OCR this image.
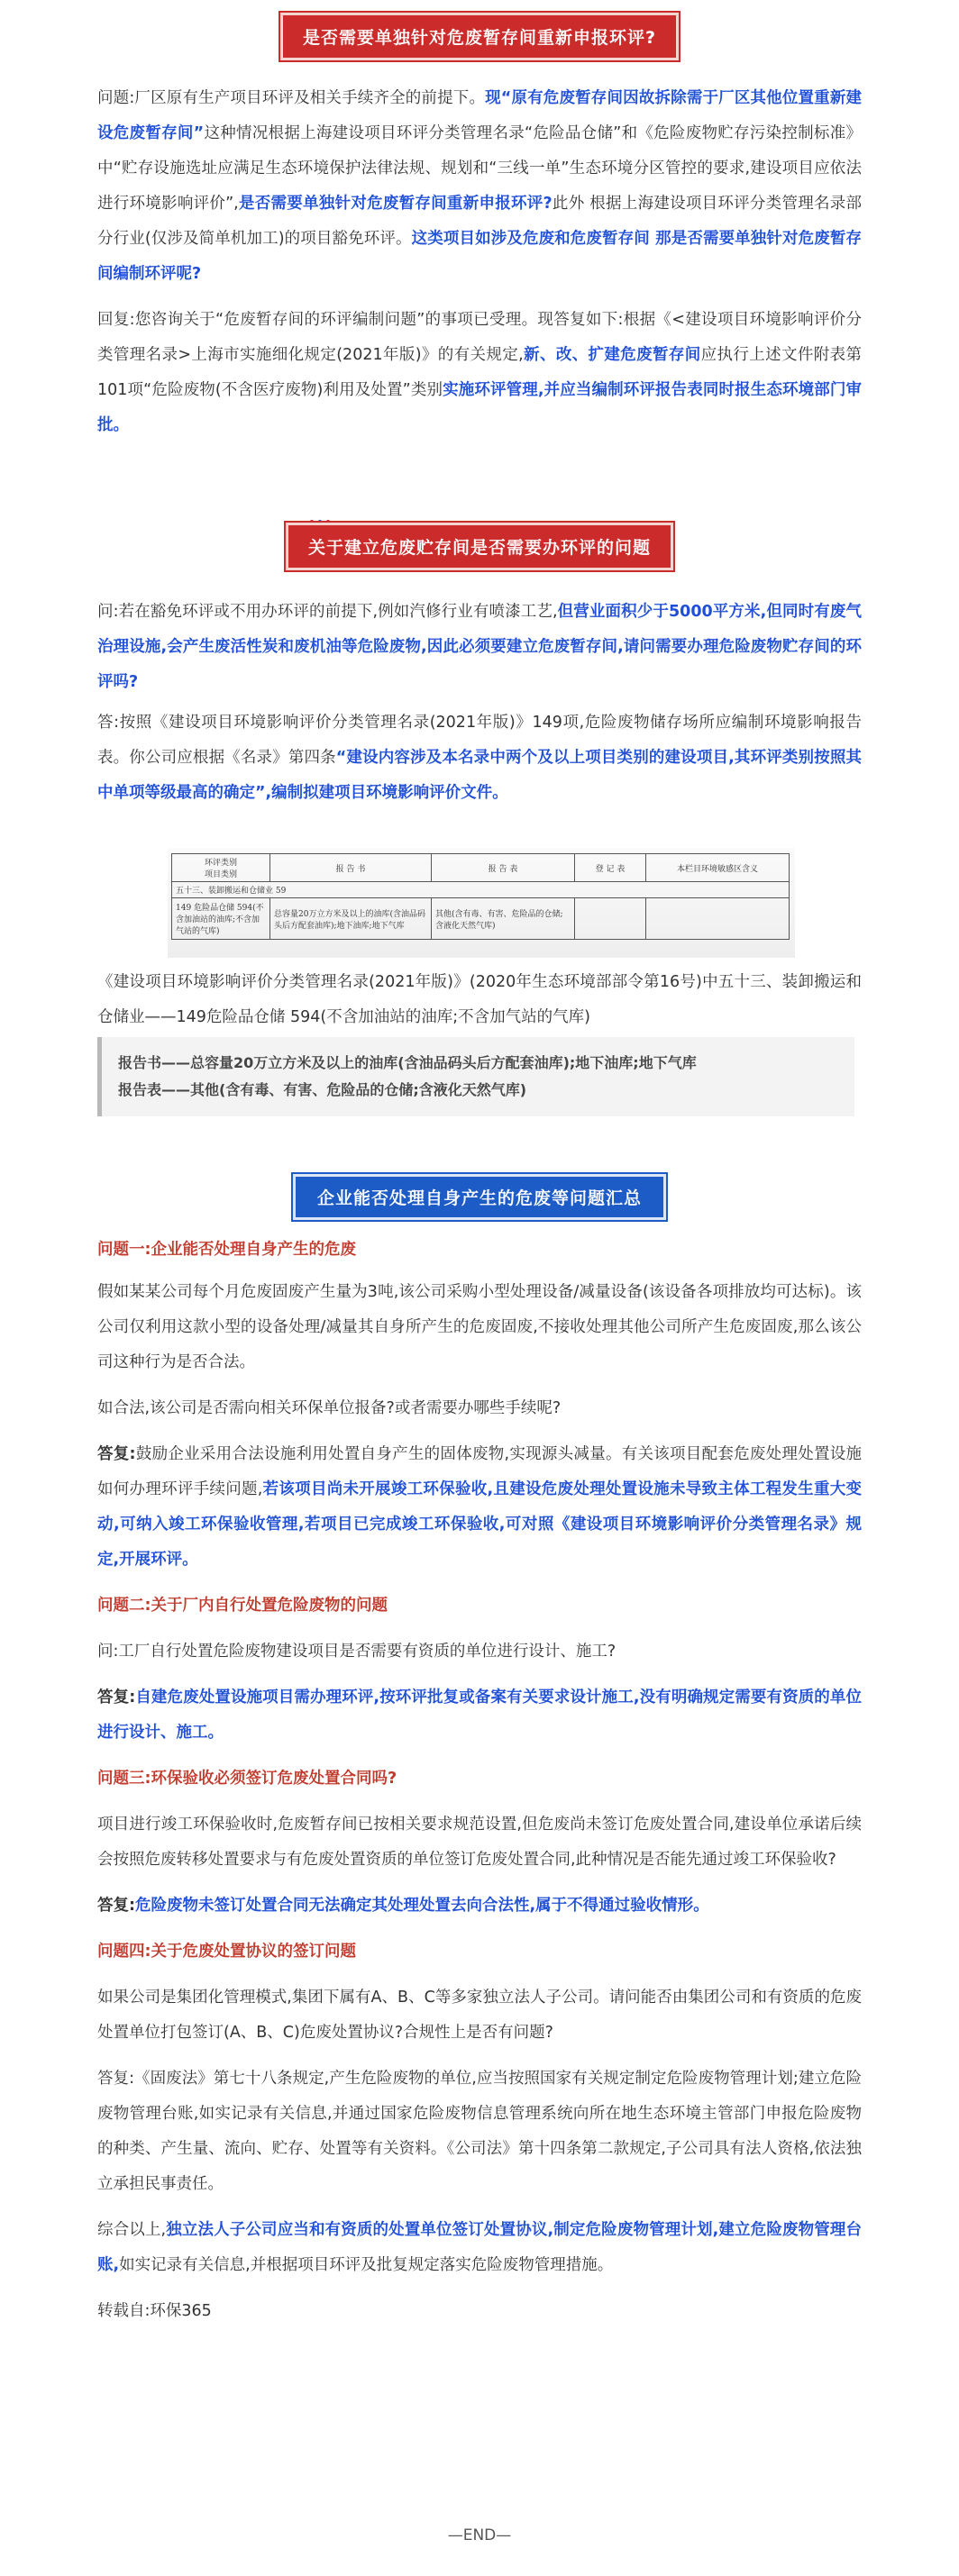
是否需要单独针对危废暂存间重新申报环评?

问题:厂区原有生产项目环评及相关手续齐全的前提下。现“原有危废暂存间因故拆除需于厂区其他位置重新建设危废暂存间”这种情况根据上海建设项目环评分类管理名录“危险品仓储”和《危险废物贮存污染控制标准》中“贮存设施选址应满足生态环境保护法律法规、规划和“三线一单”生态环境分区管控的要求,建设项目应依法进行环境影响评价”,是否需要单独针对危废暂存间重新申报环评?此外 根据上海建设项目环评分类管理名录部分行业(仅涉及简单机加工)的项目豁免环评。这类项目如涉及危废和危废暂存间 那是否需要单独针对危废暂存间编制环评呢?

回复:您咨询关于“危废暂存间的环评编制问题”的事项已受理。现答复如下:根据《<建设项目环境影响评价分类管理名录>上海市实施细化规定(2021年版)》的有关规定,新、改、扩建危废暂存间应执行上述文件附表第101项“危险废物(不含医疗废物)利用及处置”类别实施环评管理,并应当编制环评报告表同时报生态环境部门审批。

关于建立危废贮存间是否需要办环评的问题

问:若在豁免环评或不用办环评的前提下,例如汽修行业有喷漆工艺,但营业面积少于5000平方米,但同时有废气治理设施,会产生废活性炭和废机油等危险废物,因此必须要建立危废暂存间,请问需要办理危险废物贮存间的环评吗?

答:按照《建设项目环境影响评价分类管理名录(2021年版)》149项,危险废物储存场所应编制环境影响报告表。你公司应根据《名录》第四条“建设内容涉及本名录中两个及以上项目类别的建设项目,其环评类别按照其中单项等级最高的确定”,编制拟建项目环境影响评价文件。

环评类别
项目类别	报 告 书	报 告 表	登 记 表	本栏目环境敏感区含义
五十三、装卸搬运和仓储业 59				
149 危险品仓储 594(不含加油站的油库;不含加气站的气库)	总容量20万立方米及以上的油库(含油品码头后方配套油库);地下油库;地下气库	其他(含有毒、有害、危险品的仓储;含液化天然气库)		

《建设项目环境影响评价分类管理名录(2021年版)》(2020年生态环境部部令第16号)中五十三、装卸搬运和仓储业——149危险品仓储 594(不含加油站的油库;不含加气站的气库)

报告书——总容量20万立方米及以上的油库(含油品码头后方配套油库);地下油库;地下气库
报告表——其他(含有毒、有害、危险品的仓储;含液化天然气库)
企业能否处理自身产生的危废等问题汇总

问题一:企业能否处理自身产生的危废

假如某某公司每个月危废固废产生量为3吨,该公司采购小型处理设备/减量设备(该设备各项排放均可达标)。该公司仅利用这款小型的设备处理/减量其自身所产生的危废固废,不接收处理其他公司所产生危废固废,那么该公司这种行为是否合法。

如合法,该公司是否需向相关环保单位报备?或者需要办哪些手续呢?

答复:鼓励企业采用合法设施利用处置自身产生的固体废物,实现源头减量。有关该项目配套危废处理处置设施如何办理环评手续问题,若该项目尚未开展竣工环保验收,且建设危废处理处置设施未导致主体工程发生重大变动,可纳入竣工环保验收管理,若项目已完成竣工环保验收,可对照《建设项目环境影响评价分类管理名录》规定,开展环评。

问题二:关于厂内自行处置危险废物的问题

问:工厂自行处置危险废物建设项目是否需要有资质的单位进行设计、施工?

答复:自建危废处置设施项目需办理环评,按环评批复或备案有关要求设计施工,没有明确规定需要有资质的单位进行设计、施工。

问题三:环保验收必须签订危废处置合同吗?

项目进行竣工环保验收时,危废暂存间已按相关要求规范设置,但危废尚未签订危废处置合同,建设单位承诺后续会按照危废转移处置要求与有危废处置资质的单位签订危废处置合同,此种情况是否能先通过竣工环保验收?

答复:危险废物未签订处置合同无法确定其处理处置去向合法性,属于不得通过验收情形。

问题四:关于危废处置协议的签订问题

如果公司是集团化管理模式,集团下属有A、B、C等多家独立法人子公司。请问能否由集团公司和有资质的危废处置单位打包签订(A、B、C)危废处置协议?合规性上是否有问题?

答复:《固废法》第七十八条规定,产生危险废物的单位,应当按照国家有关规定制定危险废物管理计划;建立危险废物管理台账,如实记录有关信息,并通过国家危险废物信息管理系统向所在地生态环境主管部门申报危险废物的种类、产生量、流向、贮存、处置等有关资料。《公司法》第十四条第二款规定,子公司具有法人资格,依法独立承担民事责任。

综合以上,独立法人子公司应当和有资质的处置单位签订处置协议,制定危险废物管理计划,建立危险废物管理台账,如实记录有关信息,并根据项目环评及批复规定落实危险废物管理措施。

转载自:环保365

—END—
